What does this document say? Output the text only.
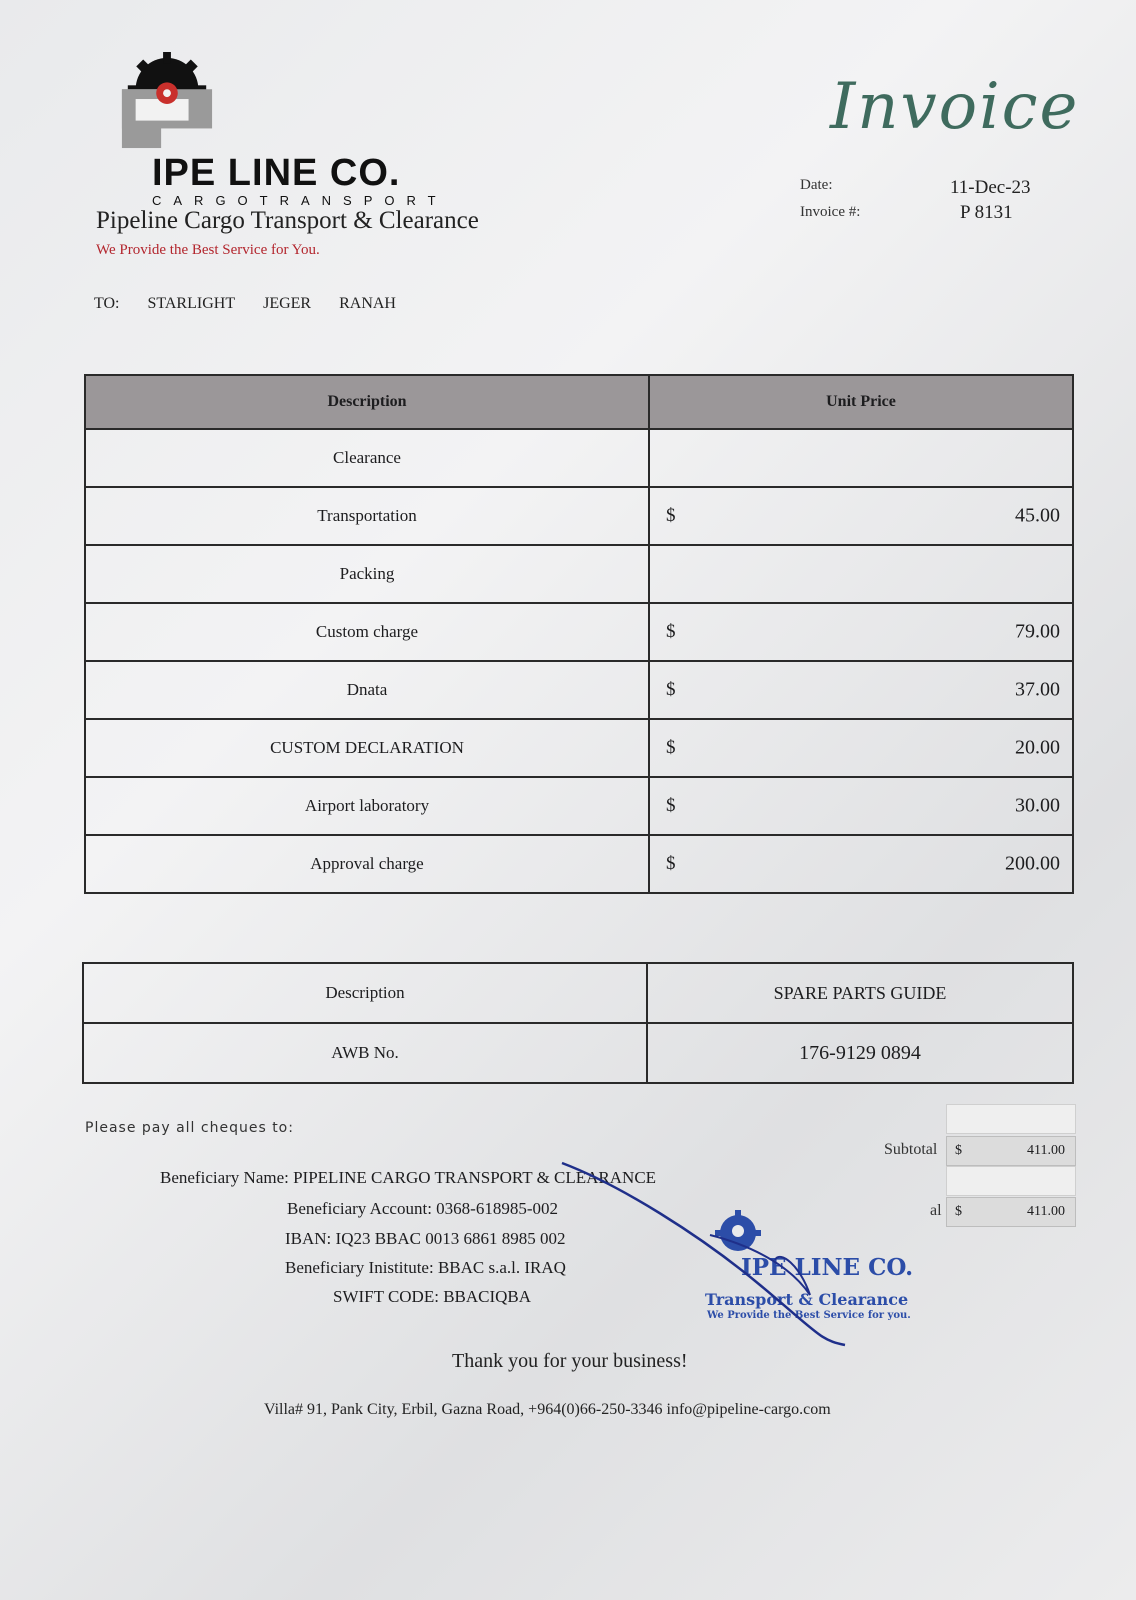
IPE LINE CO.
CARGOTRANSPORT
Pipeline Cargo Transport & Clearance
We Provide the Best Service for You.
Invoice
Date:	11-Dec-23
Invoice #:	P 8131
TO: STARLIGHT JEGER RANAH
Description	Unit Price
Clearance	

Transportation	$ 45.00

Packing	

Custom charge	$ 79.00

Dnata	$ 37.00

CUSTOM DECLARATION	$ 20.00

Airport laboratory	$ 30.00

Approval charge	$ 200.00
Description	SPARE PARTS GUIDE
AWB No.	176-9129 0894
Please pay all cheques to:
Beneficiary Name: PIPELINE CARGO TRANSPORT & CLEARANCE
Beneficiary Account: 0368-618985-002
IBAN: IQ23 BBAC 0013 6861 8985 002
Beneficiary Inistitute: BBAC s.a.l. IRAQ
SWIFT CODE: BBACIQBA
Subtotal $	411.00
al $	411.00
IPE LINE CO.
Transport & Clearance
We Provide the Best Service for you.
Thank you for your business!
Villa# 91, Pank City, Erbil, Gazna Road, +964(0)66-250-3346 info@pipeline-cargo.com
